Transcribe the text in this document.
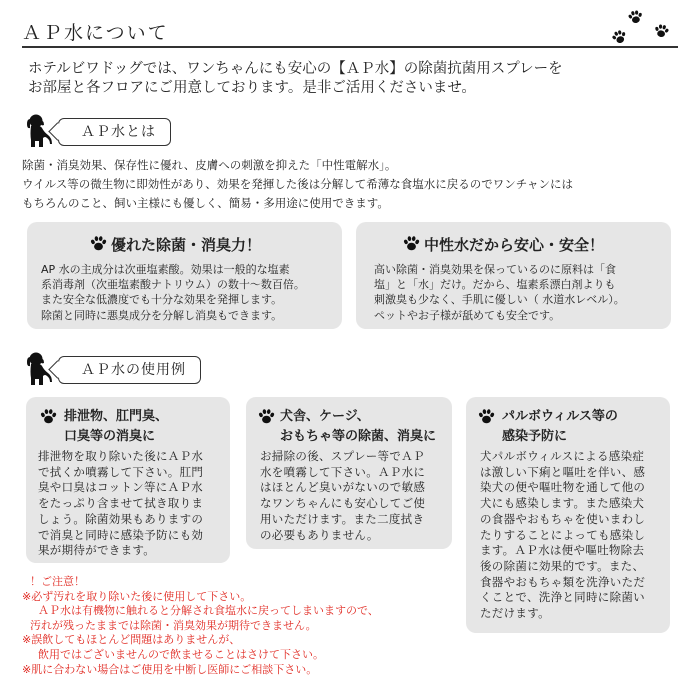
ＡＰ水について
ホテルビワドッグでは、ワンちゃんにも安心の【ＡＰ水】の除菌抗菌用スプレーを
お部屋と各フロアにご用意しております。是非ご活用くださいませ。
ＡＰ水とは
除菌・消臭効果、保存性に優れ、皮膚への刺激を抑えた「中性電解水」。
ウイルス等の微生物に即効性があり、効果を発揮した後は分解して希薄な食塩水に戻るのでワンチャンには
もちろんのこと、飼い主様にも優しく、簡易・多用途に使用できます。
優れた除菌・消臭力！
AP 水の主成分は次亜塩素酸。効果は一般的な塩素
系消毒剤（次亜塩素酸ナトリウム）の数十～数百倍。
また安全な低濃度でも十分な効果を発揮します。
除菌と同時に悪臭成分を分解し消臭もできます。
中性水だから安心・安全！
高い除菌・消臭効果を保っているのに原料は「食
塩」と「水」だけ。だから、塩素系漂白剤よりも
刺激臭も少なく、手肌に優しい（ 水道水レベル）。
ペットやお子様が舐めても安全です。
ＡＰ水の使用例
排泄物、肛門臭、
口臭等の消臭に
排泄物を取り除いた後にＡＰ水
で拭くか噴霧して下さい。肛門
臭や口臭はコットン等にＡＰ水
をたっぷり含ませて拭き取りま
しょう。除菌効果もありますの
で消臭と同時に感染予防にも効
果が期待ができます。
犬舎、ケージ、
おもちゃ等の除菌、消臭に
お掃除の後、スプレー等でＡＰ
水を噴霧して下さい。ＡＰ水に
はほとんど臭いがないので敏感
なワンちゃんにも安心してご使
用いただけます。また二度拭き
の必要もありません。
パルボウィルス等の
感染予防に
犬パルボウィルスによる感染症
は激しい下痢と嘔吐を伴い、感
染犬の便や嘔吐物を通して他の
犬にも感染します。また感染犬
の食器やおもちゃを使いまわし
たりすることによっても感染し
ます。ＡＰ水は便や嘔吐物除去
後の除菌に効果的です。また、
食器やおもちゃ類を洗浄いただ
くことで、洗浄と同時に除菌い
ただけます。
！ご注意！
※必ず汚れを取り除いた後に使用して下さい。
ＡＰ水は有機物に触れると分解され食塩水に戻ってしまいますので、
汚れが残ったままでは除菌・消臭効果が期待できません。
※誤飲してもほとんど問題はありませんが、
飲用ではございませんので飲ませることはさけて下さい。
※肌に合わない場合はご使用を中断し医師にご相談下さい。
